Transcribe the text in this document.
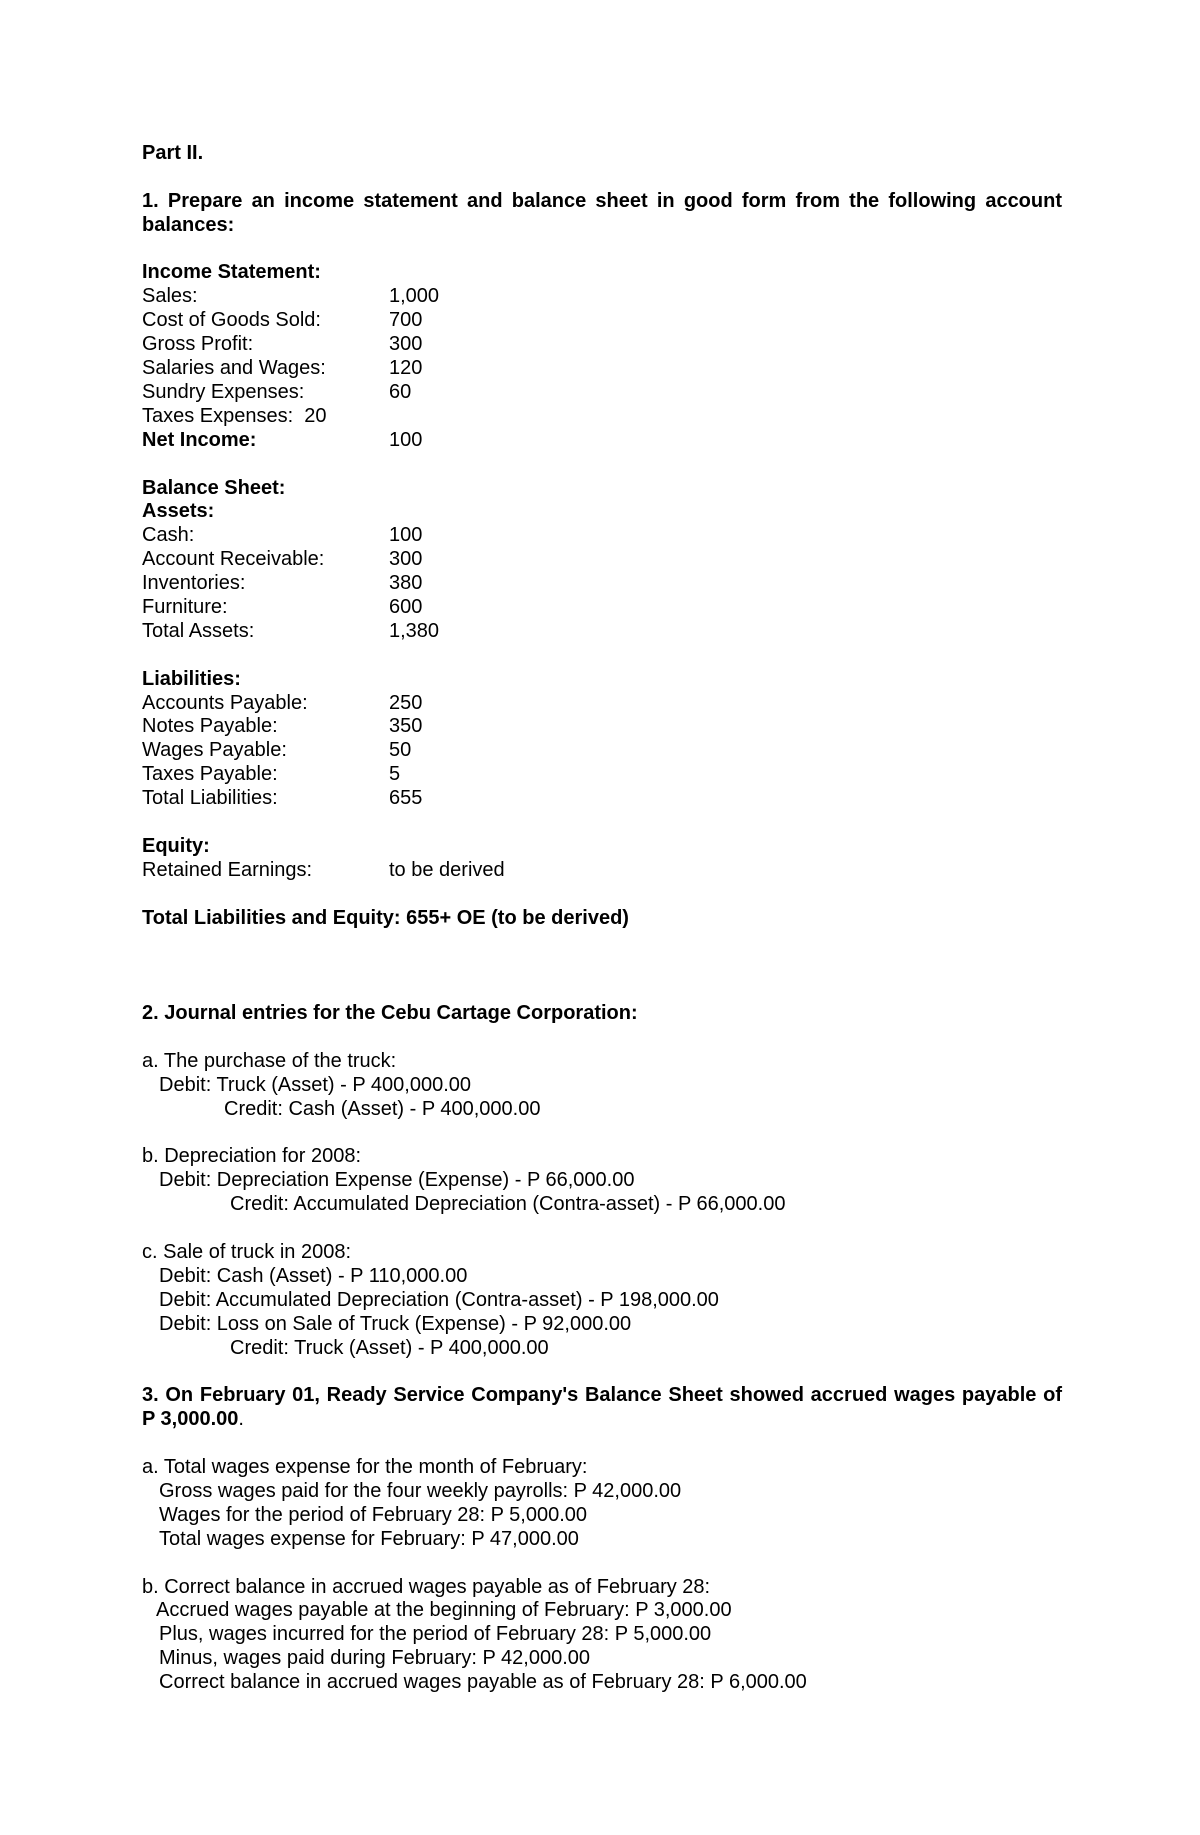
Part II.
1. Prepare an income statement and balance sheet in good form from the following account balances:
Income Statement:
Sales:	1,000
Cost of Goods Sold:	700
Gross Profit:	300
Salaries and Wages:	120
Sundry Expenses:	60
Taxes Expenses:  20
Net Income:	100
Balance Sheet:
Assets:
Cash:	100
Account Receivable:	300
Inventories:	380
Furniture:	600
Total Assets:	1,380
Liabilities:
Accounts Payable:	250
Notes Payable:	350
Wages Payable:	50
Taxes Payable:	5
Total Liabilities:	655
Equity:
Retained Earnings:	to be derived
Total Liabilities and Equity: 655+ OE (to be derived)
2. Journal entries for the Cebu Cartage Corporation:
a. The purchase of the truck:
Debit: Truck (Asset) - P 400,000.00
Credit: Cash (Asset) - P 400,000.00
b. Depreciation for 2008:
Debit: Depreciation Expense (Expense) - P 66,000.00
Credit: Accumulated Depreciation (Contra-asset) - P 66,000.00
c. Sale of truck in 2008:
Debit: Cash (Asset) - P 110,000.00
Debit: Accumulated Depreciation (Contra-asset) - P 198,000.00
Debit: Loss on Sale of Truck (Expense) - P 92,000.00
Credit: Truck (Asset) - P 400,000.00
3. On February 01, Ready Service Company's Balance Sheet showed accrued wages payable of P 3,000.00.
a. Total wages expense for the month of February:
Gross wages paid for the four weekly payrolls: P 42,000.00
Wages for the period of February 28: P 5,000.00
Total wages expense for February: P 47,000.00
b. Correct balance in accrued wages payable as of February 28:
Accrued wages payable at the beginning of February: P 3,000.00
Plus, wages incurred for the period of February 28: P 5,000.00
Minus, wages paid during February: P 42,000.00
Correct balance in accrued wages payable as of February 28: P 6,000.00
